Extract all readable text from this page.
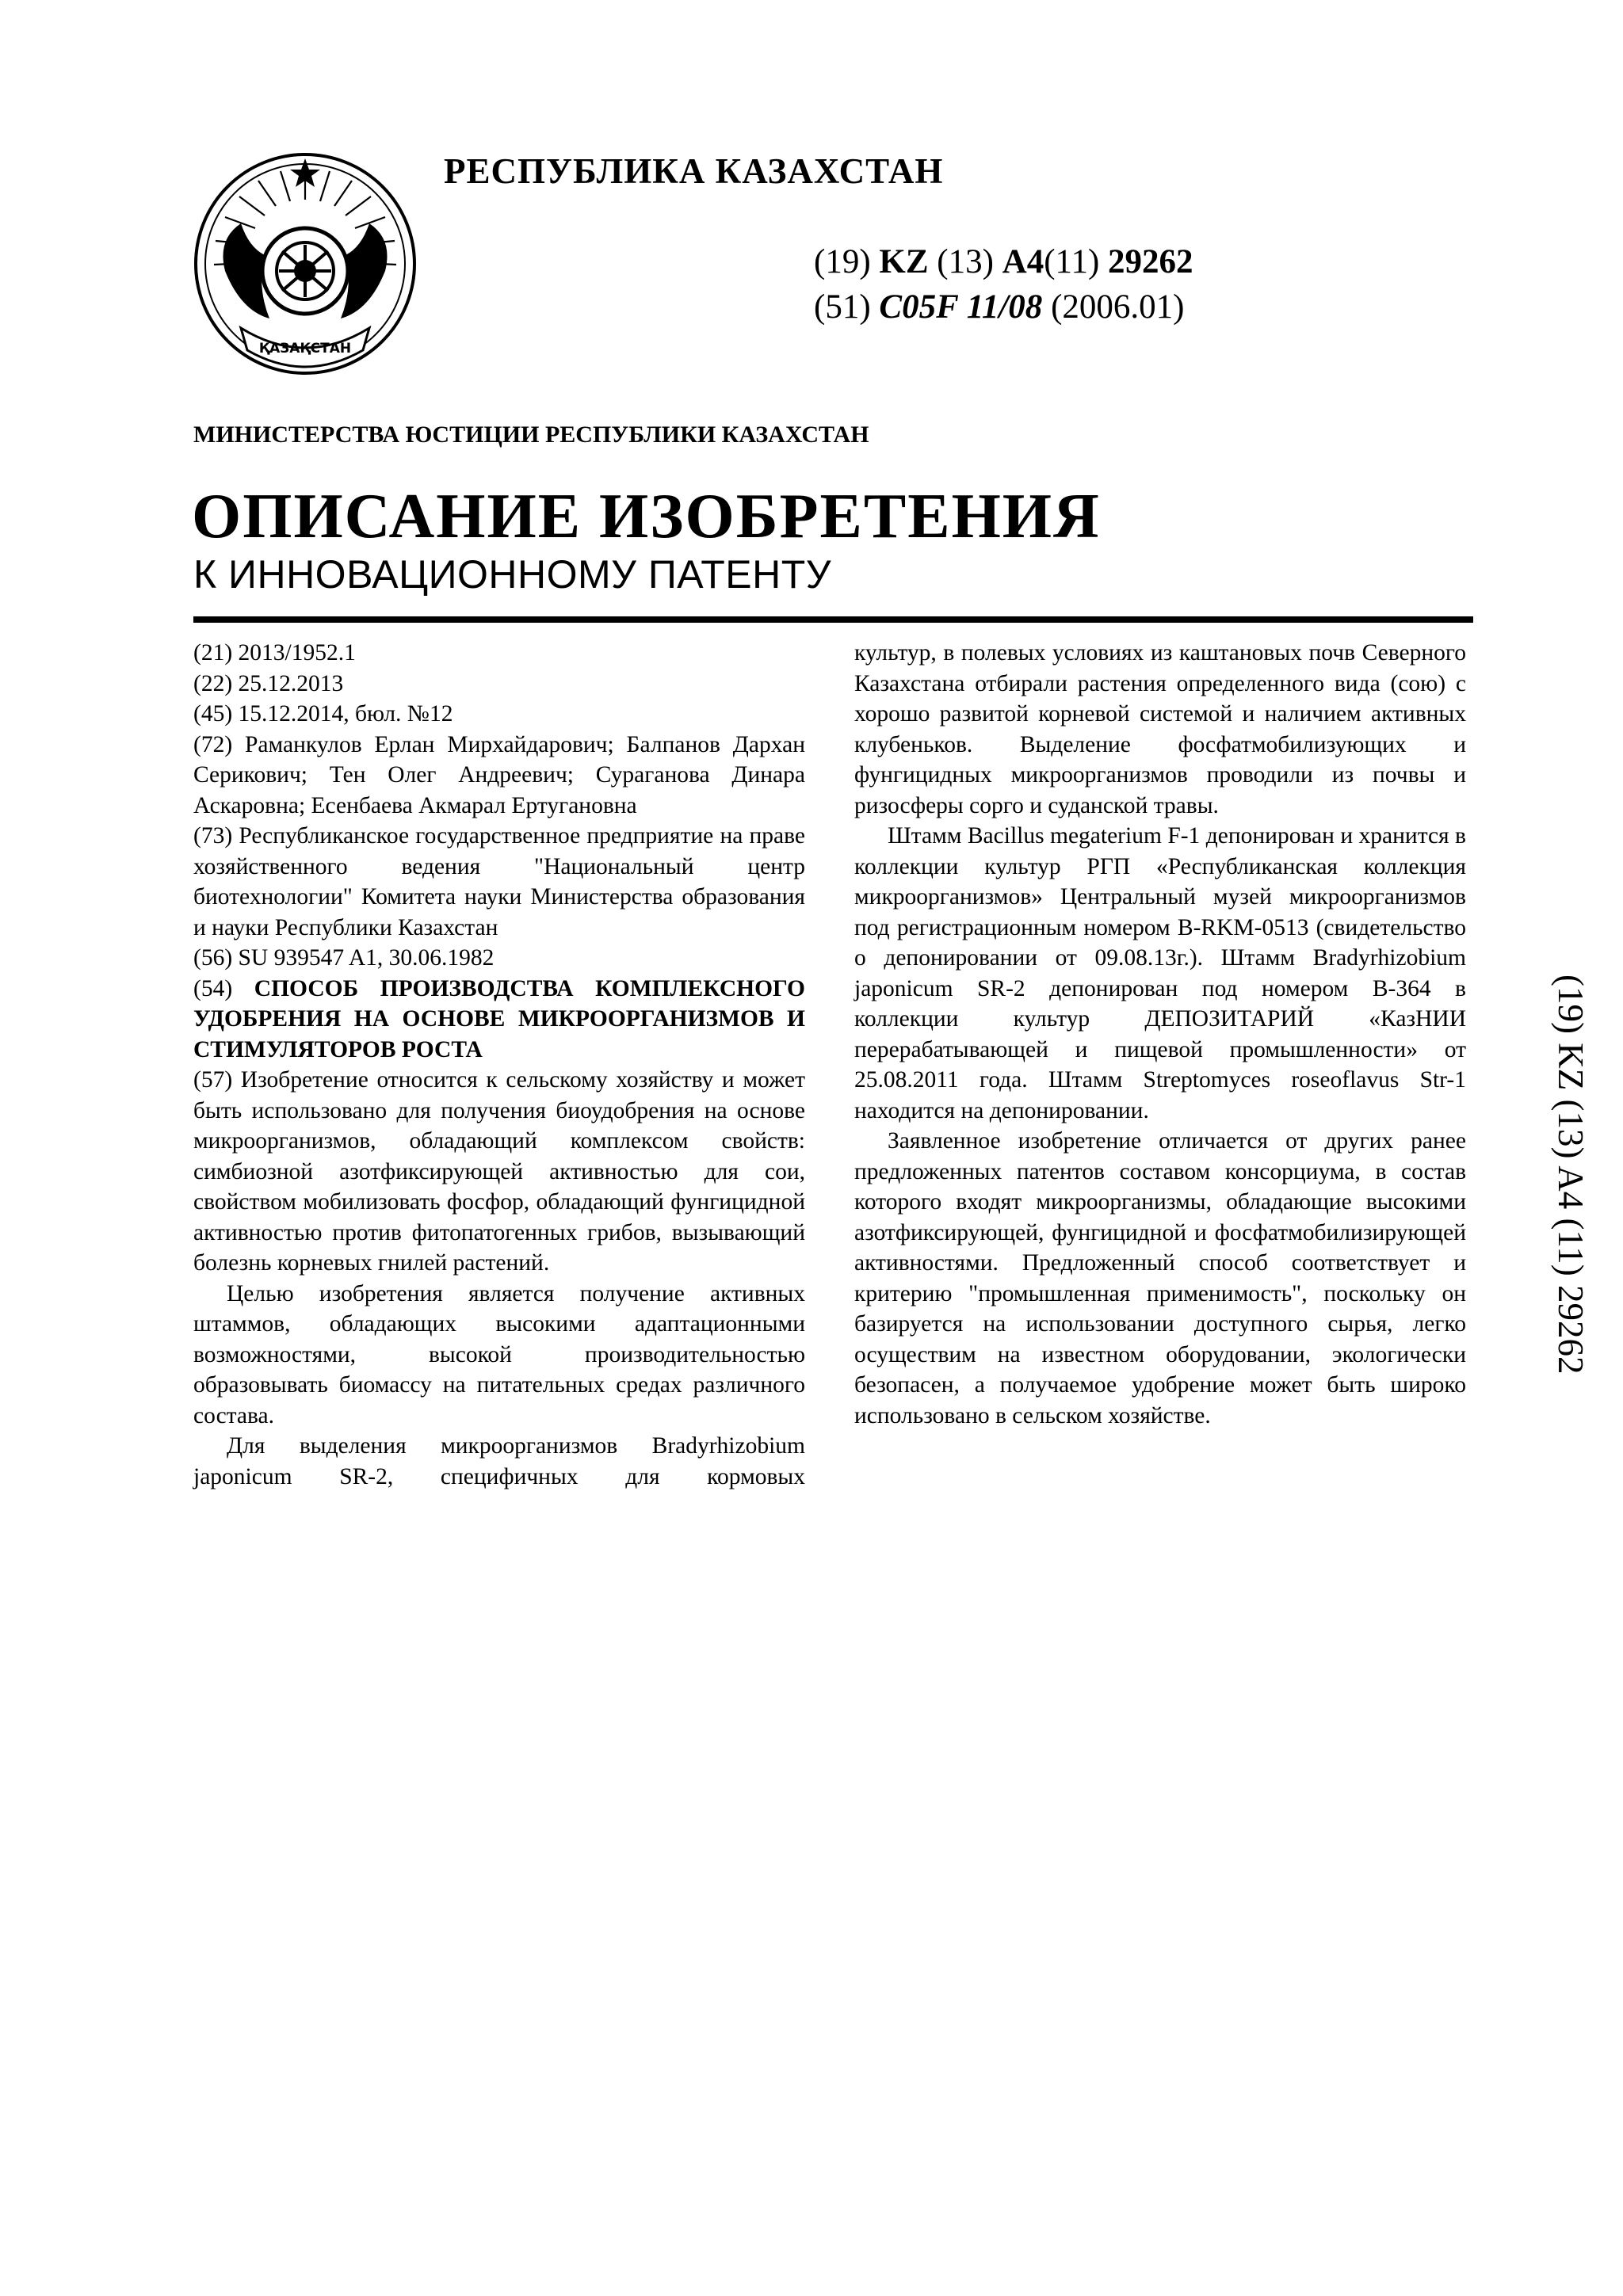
ҚАЗАҚСТАН
РЕСПУБЛИКА КАЗАХСТАН
(19) KZ (13) A4(11) 29262
(51) C05F 11/08 (2006.01)
МИНИСТЕРСТВА ЮСТИЦИИ РЕСПУБЛИКИ КАЗАХСТАН
ОПИСАНИЕ ИЗОБРЕТЕНИЯ
К ИННОВАЦИОННОМУ ПАТЕНТУ

(21) 2013/1952.1

(22) 25.12.2013

(45) 15.12.2014, бюл. №12

(72) Раманкулов Ерлан Мирхайдарович; Балпанов Дархан Серикович; Тен Олег Андреевич; Сураганова Динара Аскаровна; Есенбаева Акмарал Ертугановна

(73) Республиканское государственное предприятие на праве хозяйственного ведения "Национальный центр биотехнологии" Комитета науки Министерства образования и науки Республики Казахстан

(56) SU 939547 A1, 30.06.1982

(54) СПОСОБ ПРОИЗВОДСТВА КОМПЛЕКСНОГО УДОБРЕНИЯ НА ОСНОВЕ МИКРООРГАНИЗМОВ И СТИМУЛЯТОРОВ РОСТА

(57) Изобретение относится к сельскому хозяйству и может быть использовано для получения биоудобрения на основе микроорганизмов, обладающий комплексом свойств: симбиозной азотфиксирующей активностью для сои, свойством мобилизовать фосфор, обладающий фунгицидной активностью против фитопатогенных грибов, вызывающий болезнь корневых гнилей растений.

Целью изобретения является получение активных штаммов, обладающих высокими адаптационными возможностями, высокой производительностью образовывать биомассу на питательных средах различного состава.

Для выделения микроорганизмов Bradyrhizobium japonicum SR-2, специфичных для кормовых

культур, в полевых условиях из каштановых почв Северного Казахстана отбирали растения определенного вида (сою) с хорошо развитой корневой системой и наличием активных клубеньков. Выделение фосфатмобилизующих и фунгицидных микроорганизмов проводили из почвы и ризосферы сорго и суданской травы.

Штамм Bacillus megaterium F-1 депонирован и хранится в коллекции культур РГП «Республиканская коллекция микроорганизмов» Центральный музей микроорганизмов под регистрационным номером B-RKM-0513 (свидетельство о депонировании от 09.08.13г.). Штамм Bradyrhizobium japonicum SR-2 депонирован под номером B-364 в коллекции культур ДЕПОЗИТАРИЙ «КазНИИ перерабатывающей и пищевой промышленности» от 25.08.2011 года. Штамм Streptomyces roseoflavus Str-1 находится на депонировании.

Заявленное изобретение отличается от других ранее предложенных патентов составом консорциума, в состав которого входят микроорганизмы, обладающие высокими азотфиксирующей, фунгицидной и фосфатмобилизирующей активностями. Предложенный способ соответствует и критерию "промышленная применимость", поскольку он базируется на использовании доступного сырья, легко осуществим на известном оборудовании, экологически безопасен, а получаемое удобрение может быть широко использовано в сельском хозяйстве.

(19) KZ (13) A4 (11) 29262
